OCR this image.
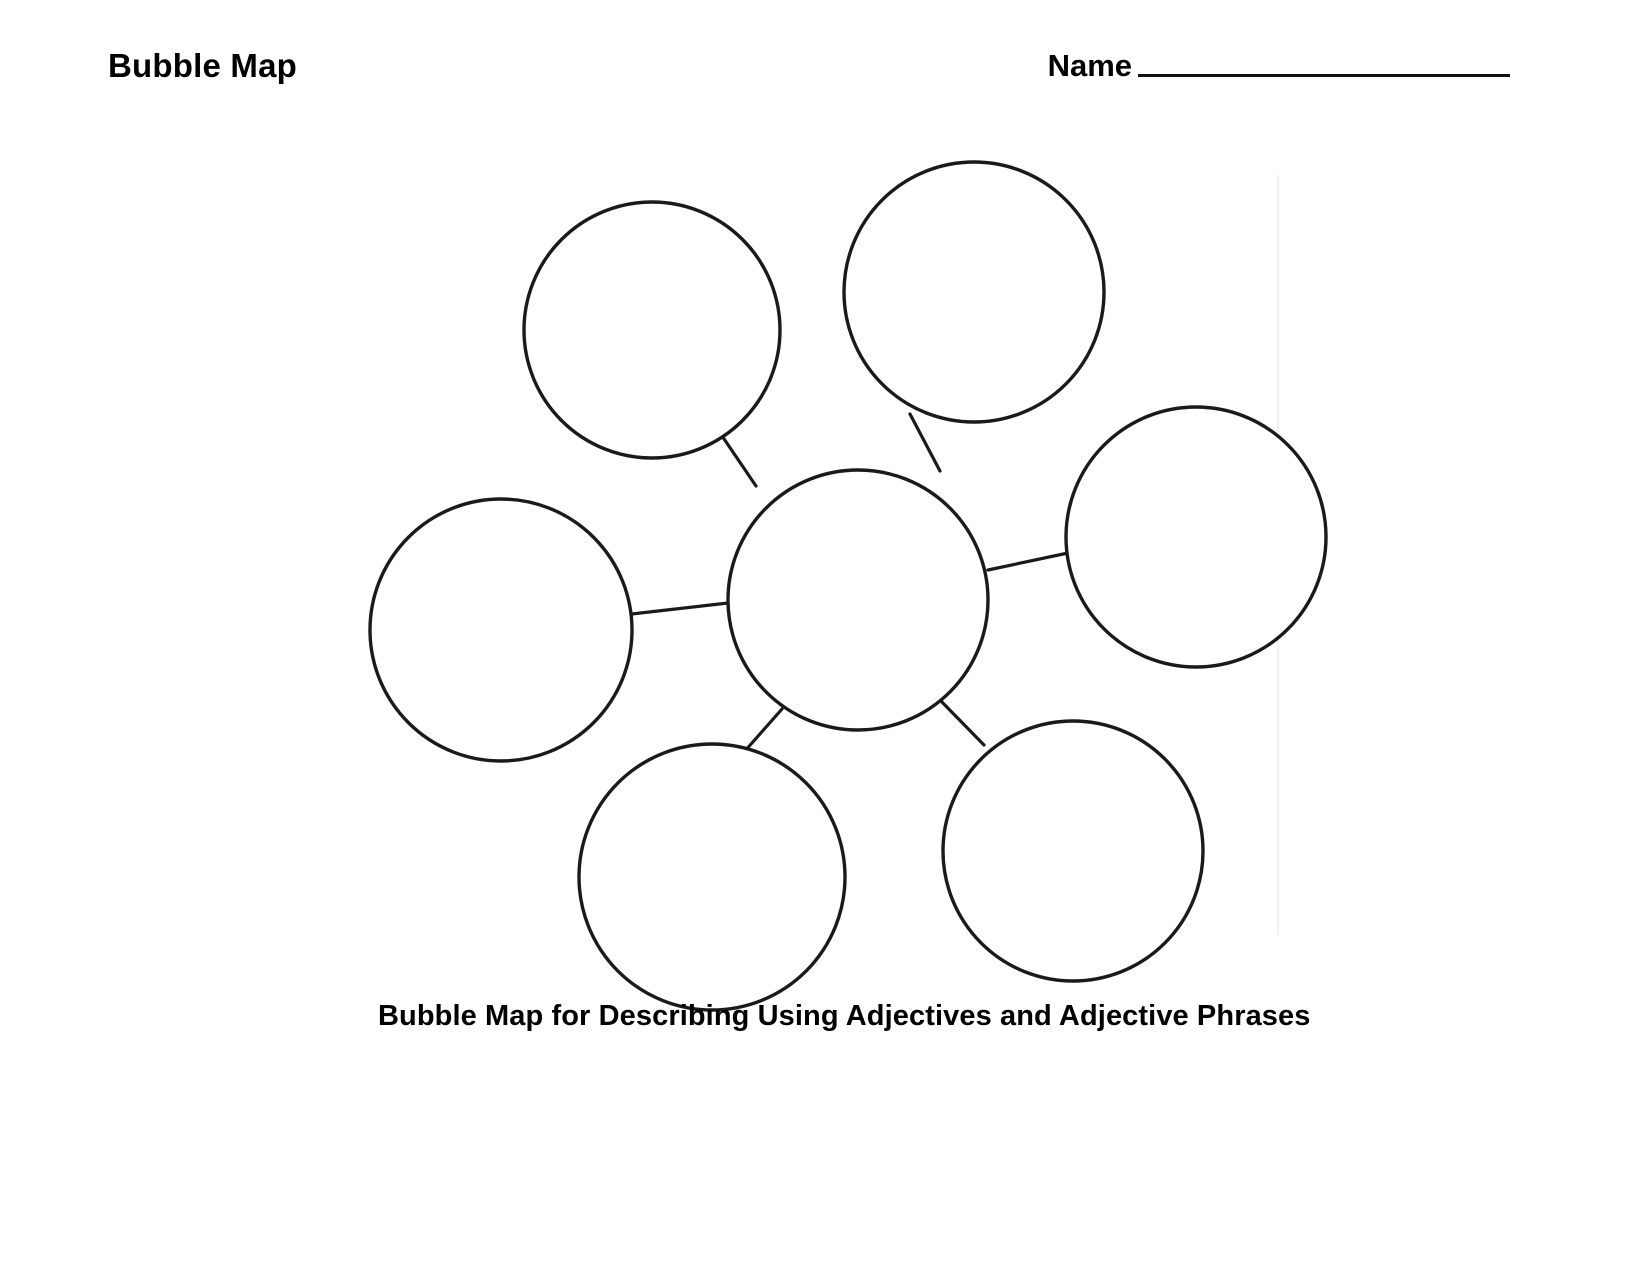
Bubble Map	Name
Bubble Map for Describing Using Adjectives and Adjective Phrases
